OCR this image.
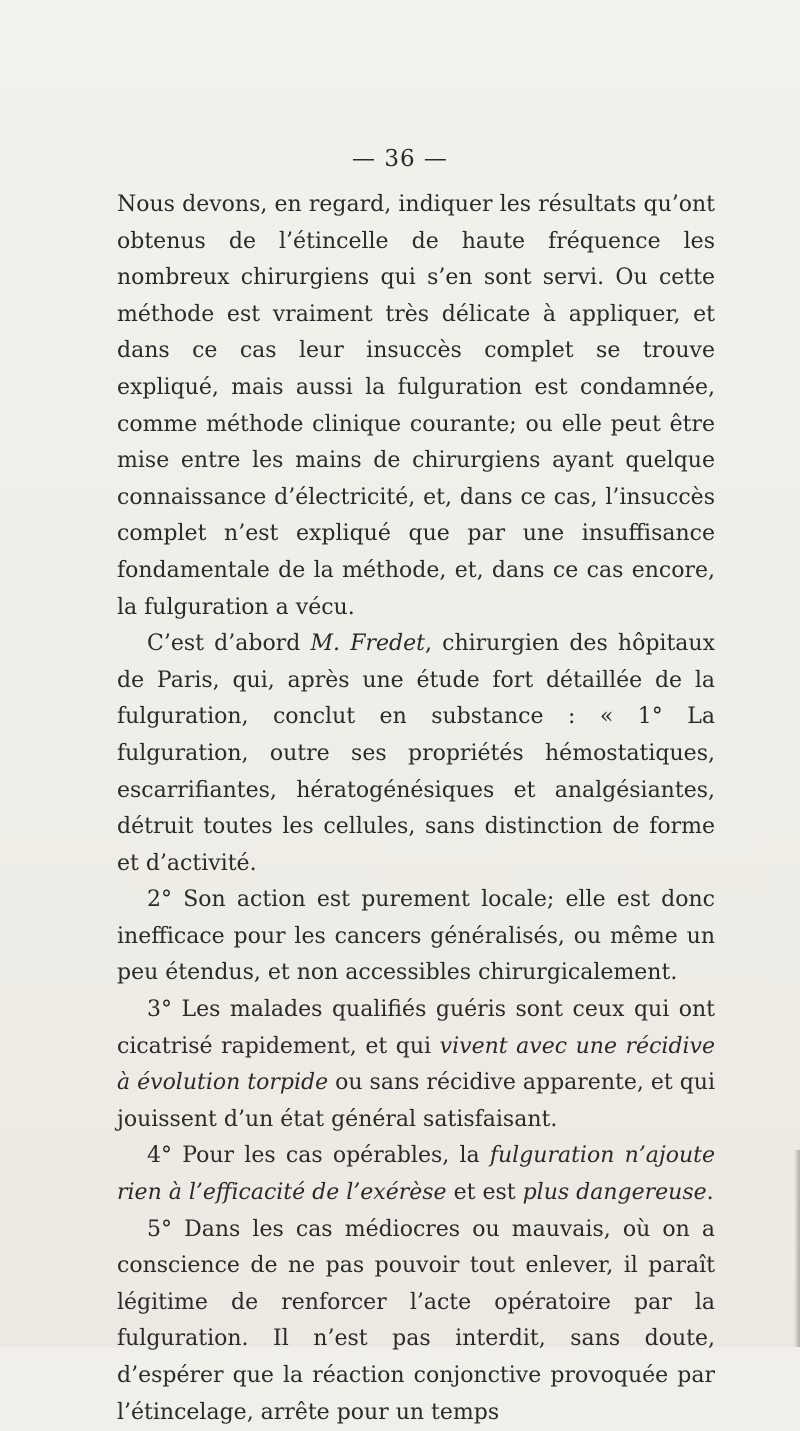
— 36 —

Nous devons, en regard, indiquer les résultats qu’ont obtenus de l’étincelle de haute fréquence les nombreux chirurgiens qui s’en sont servi. Ou cette méthode est vraiment très délicate à appliquer, et dans ce cas leur insuccès complet se trouve expliqué, mais aussi la fulguration est condamnée, comme méthode clinique courante; ou elle peut être mise entre les mains de chirurgiens ayant quelque connaissance d’électricité, et, dans ce cas, l’insuccès complet n’est expliqué que par une insuffisance fondamentale de la méthode, et, dans ce cas encore, la fulguration a vécu.

C’est d’abord M. Fredet, chirurgien des hôpitaux de Paris, qui, après une étude fort détaillée de la fulguration, conclut en substance : « 1° La fulguration, outre ses propriétés hémostatiques, escarrifiantes, hératogénésiques et analgésiantes, détruit toutes les cellules, sans distinction de forme et d’activité.

2° Son action est purement locale; elle est donc inefficace pour les cancers généralisés, ou même un peu étendus, et non accessibles chirurgicalement.

3° Les malades qualifiés guéris sont ceux qui ont cicatrisé rapidement, et qui vivent avec une récidive à évolution torpide ou sans récidive apparente, et qui jouissent d’un état général satisfaisant.

4° Pour les cas opérables, la fulguration n’ajoute rien à l’efficacité de l’exérèse et est plus dangereuse.

5° Dans les cas médiocres ou mauvais, où on a conscience de ne pas pouvoir tout enlever, il paraît légitime de renforcer l’acte opératoire par la fulguration. Il n’est pas interdit, sans doute, d’espérer que la réaction conjonctive provoquée par l’étincelage, arrête pour un temps
